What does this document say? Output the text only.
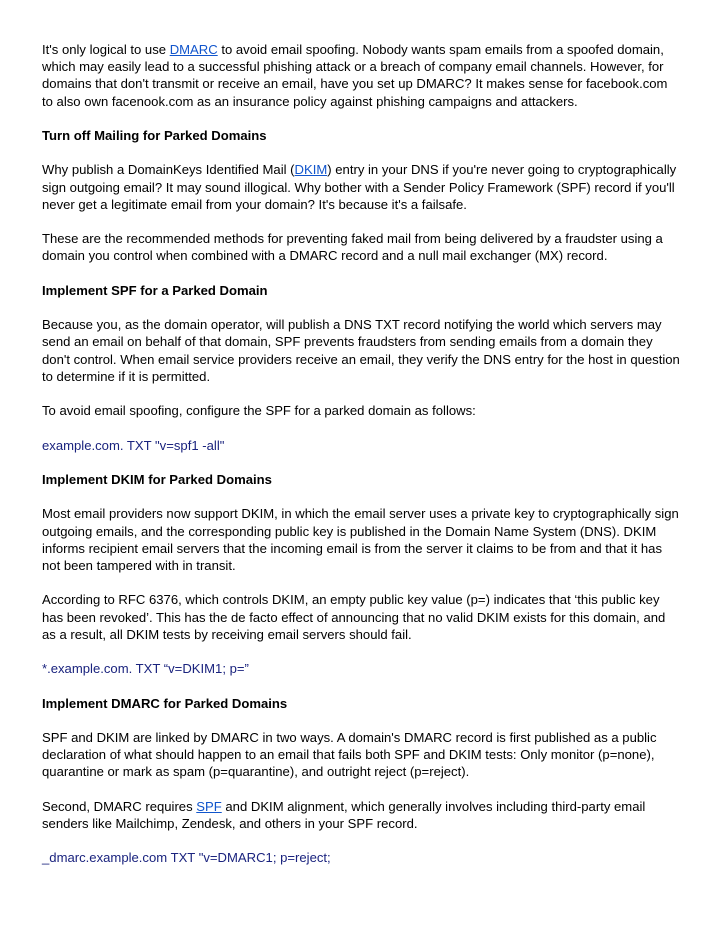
It's only logical to use DMARC to avoid email spoofing. Nobody wants spam emails from a spoofed domain, which may easily lead to a successful phishing attack or a breach of company email channels. However, for domains that don't transmit or receive an email, have you set up DMARC? It makes sense for facebook.com to also own facenook.com as an insurance policy against phishing campaigns and attackers.

Turn off Mailing for Parked Domains

Why publish a DomainKeys Identified Mail (DKIM) entry in your DNS if you're never going to cryptographically sign outgoing email? It may sound illogical. Why bother with a Sender Policy Framework (SPF) record if you'll never get a legitimate email from your domain? It's because it's a failsafe.

These are the recommended methods for preventing faked mail from being delivered by a fraudster using a domain you control when combined with a DMARC record and a null mail exchanger (MX) record.

Implement SPF for a Parked Domain

Because you, as the domain operator, will publish a DNS TXT record notifying the world which servers may send an email on behalf of that domain, SPF prevents fraudsters from sending emails from a domain they don't control. When email service providers receive an email, they verify the DNS entry for the host in question to determine if it is permitted.

To avoid email spoofing, configure the SPF for a parked domain as follows:

example.com. TXT "v=spf1 -all"

Implement DKIM for Parked Domains

Most email providers now support DKIM, in which the email server uses a private key to cryptographically sign outgoing emails, and the corresponding public key is published in the Domain Name System (DNS). DKIM informs recipient email servers that the incoming email is from the server it claims to be from and that it has not been tampered with in transit.

According to RFC 6376, which controls DKIM, an empty public key value (p=) indicates that ‘this public key has been revoked’. This has the de facto effect of announcing that no valid DKIM exists for this domain, and as a result, all DKIM tests by receiving email servers should fail.

*.example.com. TXT “v=DKIM1; p=”

Implement DMARC for Parked Domains

SPF and DKIM are linked by DMARC in two ways. A domain's DMARC record is first published as a public declaration of what should happen to an email that fails both SPF and DKIM tests: Only monitor (p=none), quarantine or mark as spam (p=quarantine), and outright reject (p=reject).

Second, DMARC requires SPF and DKIM alignment, which generally involves including third-party email senders like Mailchimp, Zendesk, and others in your SPF record.

_dmarc.example.com TXT "v=DMARC1; p=reject;
